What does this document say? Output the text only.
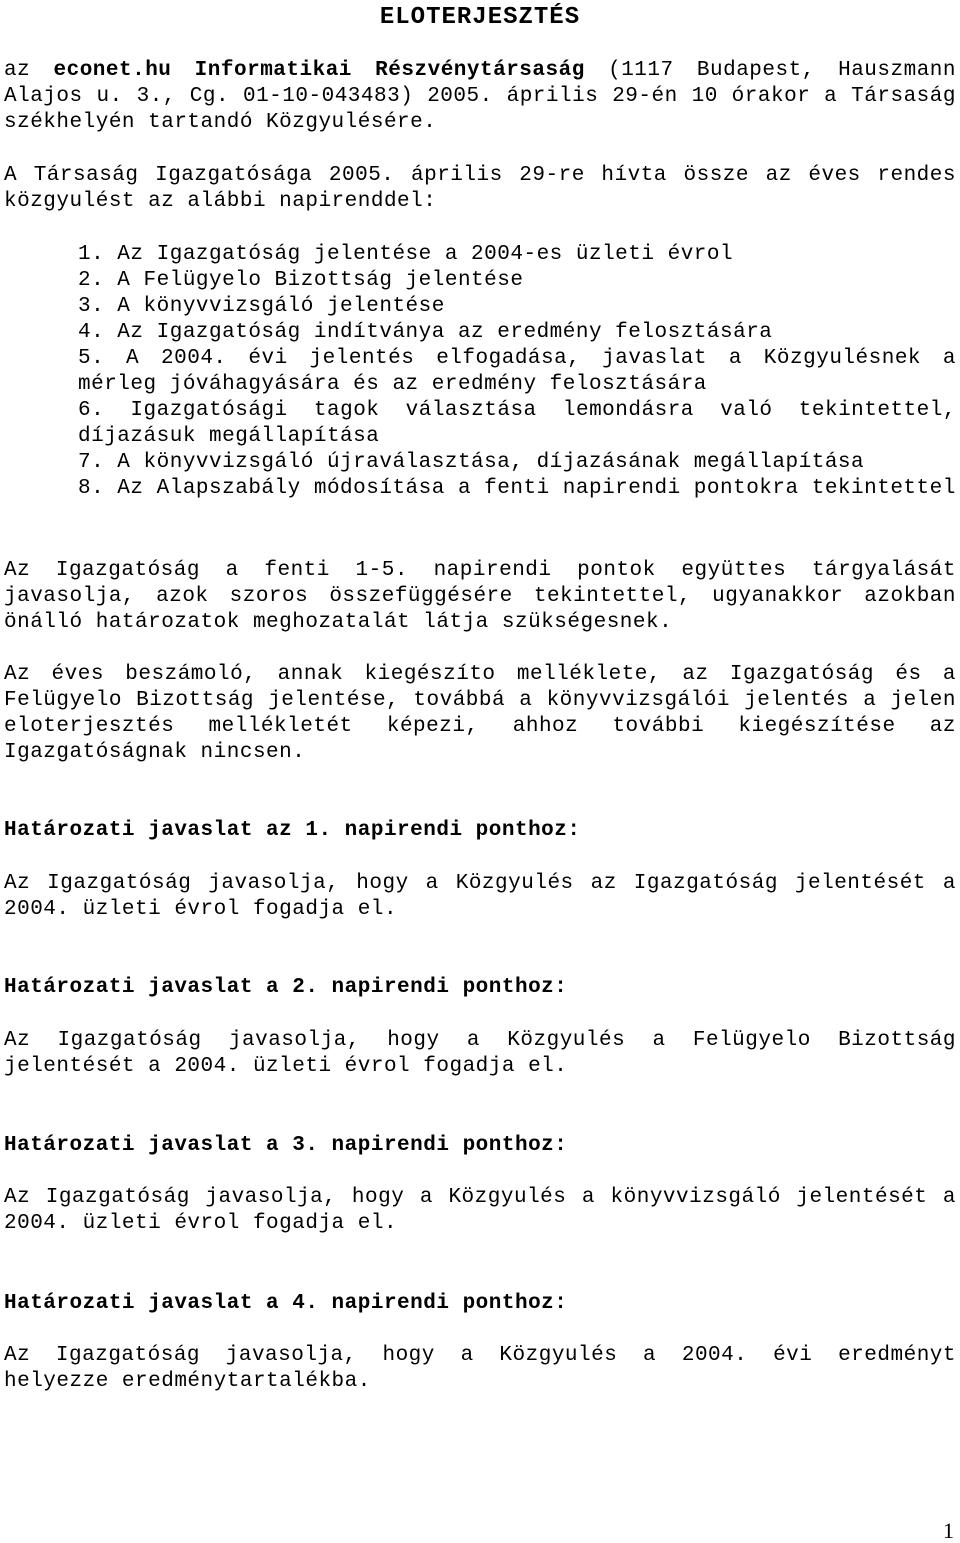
ELOTERJESZTÉS

az econet.hu Informatikai Részvénytársaság (1117 Budapest, Hauszmann Alajos u. 3., Cg. 01-10-043483) 2005. április 29-én 10 órakor a Társaság székhelyén tartandó Közgyulésére.

A Társaság Igazgatósága 2005. április 29-re hívta össze az éves rendes közgyulést az alábbi napirenddel:

1. Az Igazgatóság jelentése a 2004-es üzleti évrol
2. A Felügyelo Bizottság jelentése
3. A könyvvizsgáló jelentése
4. Az Igazgatóság indítványa az eredmény felosztására
5. A 2004. évi jelentés elfogadása, javaslat a Közgyulésnek a mérleg jóváhagyására és az eredmény felosztására
6. Igazgatósági tagok választása lemondásra való tekintettel, díjazásuk megállapítása
7. A könyvvizsgáló újraválasztása, díjazásának megállapítása
8. Az Alapszabály módosítása a fenti napirendi pontokra tekintettel

Az Igazgatóság a fenti 1-5. napirendi pontok együttes tárgyalását javasolja, azok szoros összefüggésére tekintettel, ugyanakkor azokban önálló határozatok meghozatalát látja szükségesnek.

Az éves beszámoló, annak kiegészíto melléklete, az Igazgatóság és a Felügyelo Bizottság jelentése, továbbá a könyvvizsgálói jelentés a jelen eloterjesztés mellékletét képezi, ahhoz további kiegészítése az Igazgatóságnak nincsen.

Határozati javaslat az 1. napirendi ponthoz:

Az Igazgatóság javasolja, hogy a Közgyulés az Igazgatóság jelentését a 2004. üzleti évrol fogadja el.

Határozati javaslat a 2. napirendi ponthoz:

Az Igazgatóság javasolja, hogy a Közgyulés a Felügyelo Bizottság jelentését a 2004. üzleti évrol fogadja el.

Határozati javaslat a 3. napirendi ponthoz:

Az Igazgatóság javasolja, hogy a Közgyulés a könyvvizsgáló jelentését a 2004. üzleti évrol fogadja el.

Határozati javaslat a 4. napirendi ponthoz:

Az Igazgatóság javasolja, hogy a Közgyulés a 2004. évi eredményt helyezze eredménytartalékba.

1
